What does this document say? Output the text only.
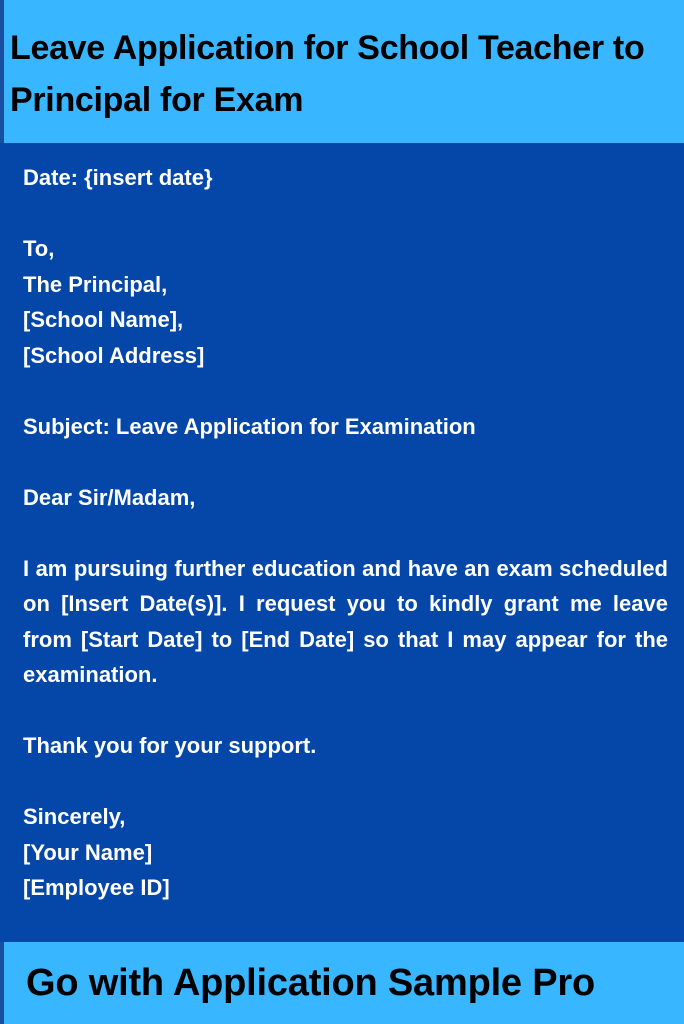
Leave Application for School Teacher to Principal for Exam

Date: {insert date}

To,

The Principal,

[School Name],

[School Address]

Subject: Leave Application for Examination

Dear Sir/Madam,

I am pursuing further education and have an exam scheduled on [Insert Date(s)]. I request you to kindly grant me leave from [Start Date] to [End Date] so that I may appear for the examination.

Thank you for your support.

Sincerely,

[Your Name]

[Employee ID]

Go with Application Sample Pro
